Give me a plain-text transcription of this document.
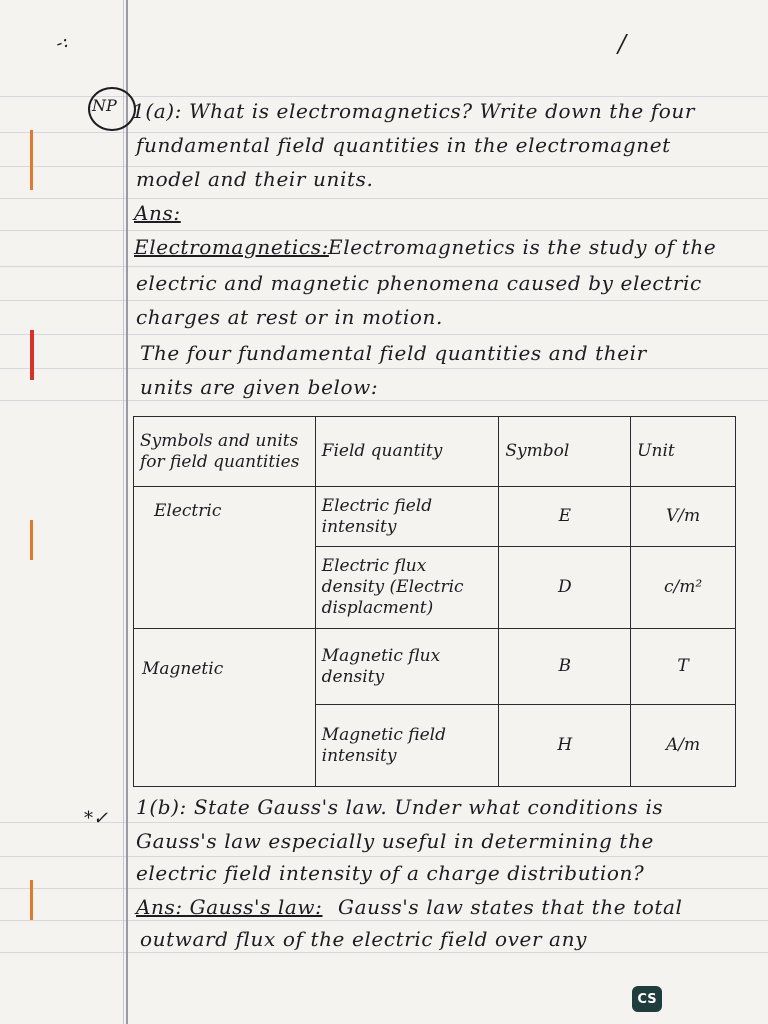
-:	/
NP 1(a): What is electromagnetics? Write down the four
fundamental field quantities in the electromagnet
model and their units.
Ans:
Electromagnetics: Electromagnetics is the study of the
electric and magnetic phenomena caused by electric
charges at rest or in motion.
The four fundamental field quantities and their
units are given below:
Symbols and units for field quantities	Field quantity	Symbol	Unit
Electric	Electric field intensity	E	V/m
	Electric flux density (Electric displacment)	D	c/m²
Magnetic	Magnetic flux density	B	T
	Magnetic field intensity	H	A/m
*✓ 1(b): State Gauss's law. Under what conditions is
Gauss's law especially useful in determining the
electric field intensity of a charge distribution?
Ans: Gauss's law: Gauss's law states that the total
outward flux of the electric field over any
CS
